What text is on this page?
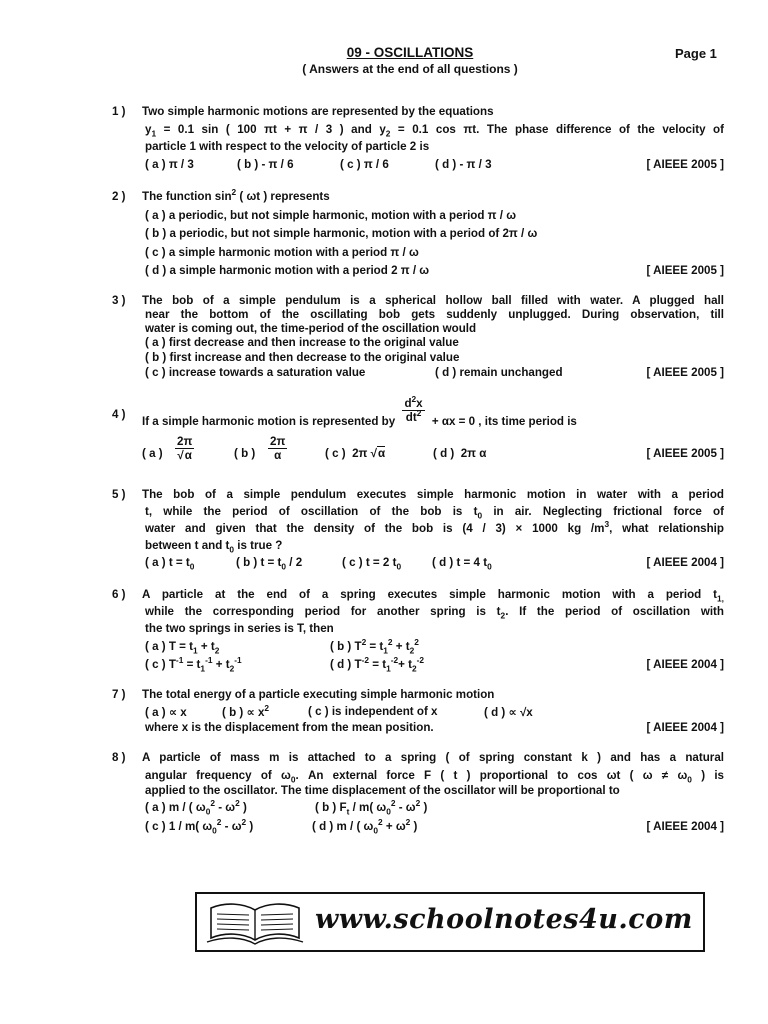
09 - OSCILLATIONS
( Answers at the end of all questions )
Page 1
1 ) Two simple harmonic motions are represented by the equations
$y_1 = 0.1$ sin ( 100 πt + π / 3 ) and $y_2 = 0.1$ cos πt. The phase difference of the velocity of
particle 1 with respect to the velocity of particle 2 is
( a ) π / 3	( b ) - π / 6	( c ) π / 6	( d ) - π / 3	[ AIEEE 2005 ]
2 ) The function $\sin^2$ ( ωt ) represents
( a ) a periodic, but not simple harmonic, motion with a period π / ω
( b ) a periodic, but not simple harmonic, motion with a period of 2π / ω
( c ) a simple harmonic motion with a period π / ω
( d ) a simple harmonic motion with a period 2 π / ω	[ AIEEE 2005 ]
3 ) The bob of a simple pendulum is a spherical hollow ball filled with water. A plugged hall
near the bottom of the oscillating bob gets suddenly unplugged. During observation, till
water is coming out, the time-period of the oscillation would
( a ) first decrease and then increase to the original value
( b ) first increase and then decrease to the original value
( c ) increase towards a saturation value	( d ) remain unchanged	[ AIEEE 2005 ]
4 )
If a simple harmonic motion is represented by $\frac{d^2x}{dt^2} + \alpha x = 0$ , its time period is
( a ) $\frac{2\pi}{√\alpha}$	( b ) $\frac{2\pi}{\alpha}$	( c ) 2π √α	( d ) 2π α	[ AIEEE 2005 ]
5 ) The bob of a simple pendulum executes simple harmonic motion in water with a period
t, while the period of oscillation of the bob is $t_0$ in air. Neglecting frictional force of
water and given that the density of the bob is (4 / 3) × 1000 kg $/m^3$, what relationship
between t and $t_0$ is true ?
( a ) $t = t_0$	( b ) $t = t_0 / 2$	( c ) t = 2 $t_0$	( d ) t = 4 $t_0$	[ AIEEE 2004 ]
6 ) A particle at the end of a spring executes simple harmonic motion with a period $t_{1,}$
while the corresponding period for another spring is $t_2$. If the period of oscillation with
the two springs in series is T, then
( a ) $T = t_1 + t_2$	( b ) $T^2 = t_1^2 + t_2^2$
( c ) $T^{-1} = t_1^{-1} + t_2^{-1}$	( d ) $T^{-2} = t_1^{-2}+ t_2^{-2}$	[ AIEEE 2004 ]
7 ) The total energy of a particle executing simple harmonic motion
( a ) ∝ x	( b ) ∝ $x^2$	( c ) is independent of x	( d ) ∝ √x
where x is the displacement from the mean position.	[ AIEEE 2004 ]
8 ) A particle of mass m is attached to a spring ( of spring constant k ) and has a natural
angular frequency of $\omega_0$. An external force F ( t ) proportional to cos ωt ( $\omega \ne \omega_0$ ) is
applied to the oscillator. The time displacement of the oscillator will be proportional to
( a ) m / ( $\omega_0^2 - \omega^2$ )	( b ) $F_t / m$( $\omega_0^2 - \omega^2$ )
( c ) 1 / m( $\omega_0^2 - \omega^2$ )	( d ) m / ( $\omega_0^2 + \omega^2$ )	[ AIEEE 2004 ]
www.schoolnotes4u.com
